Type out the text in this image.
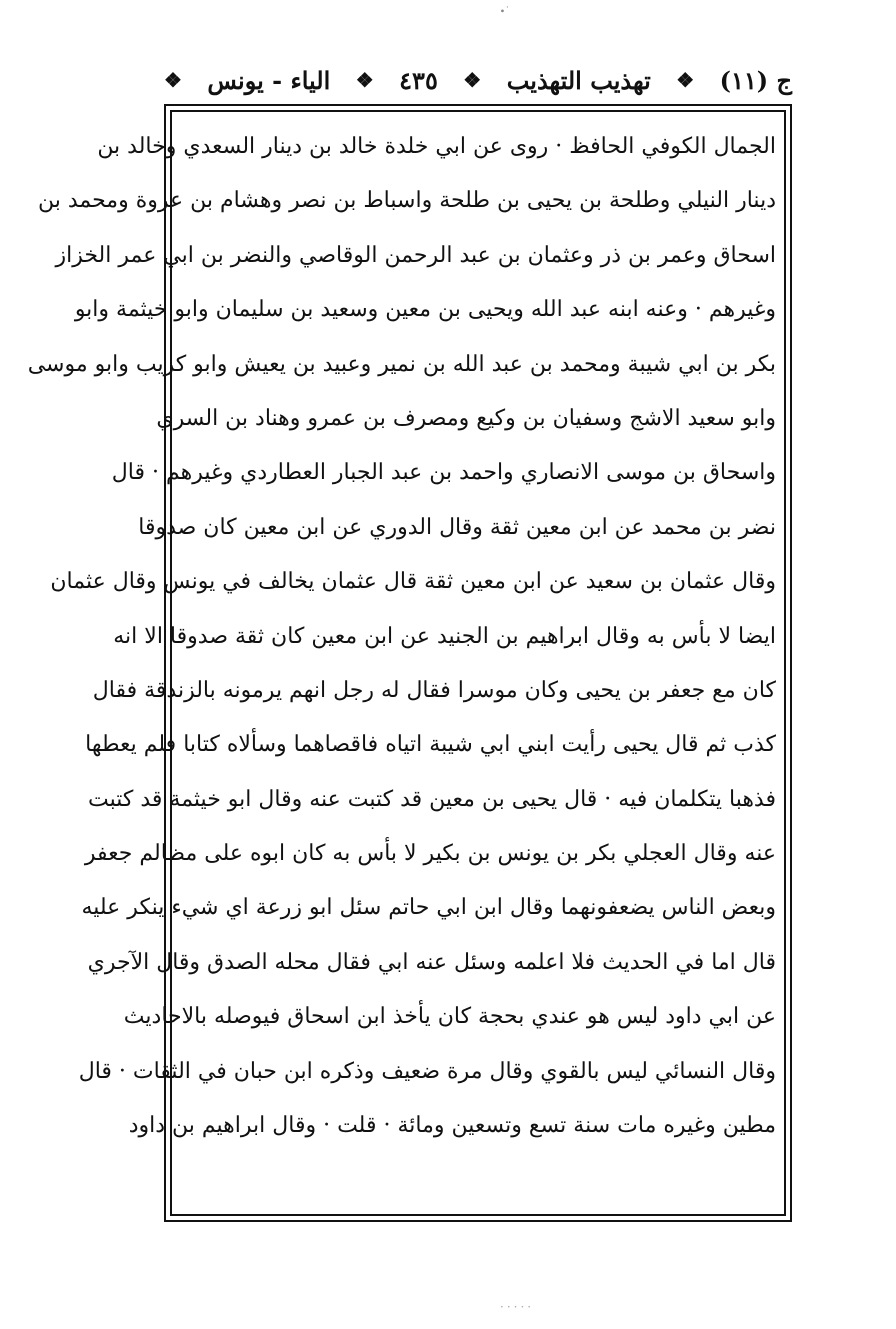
∙˙
ج (١١)
❖
تهذيب التهذيب
❖
٤٣٥
❖
الياء - يونس
❖
الجمال الكوفي الحافظ · روى عن ابي خلدة خالد بن دينار السعدي وخالد بن
دينار النيلي وطلحة بن يحيى بن طلحة واسباط بن نصر وهشام بن عروة ومحمد بن
اسحاق وعمر بن ذر وعثمان بن عبد الرحمن الوقاصي والنضر بن ابي عمر الخزاز
وغيرهم · وعنه ابنه عبد الله ويحيى بن معين وسعيد بن سليمان وابو خيثمة وابو
بكر بن ابي شيبة ومحمد بن عبد الله بن نمير وعبيد بن يعيش وابو كريب وابو موسى
وابو سعيد الاشج وسفيان بن وكيع ومصرف بن عمرو وهناد بن السري
واسحاق بن موسى الانصاري واحمد بن عبد الجبار العطاردي وغيرهم · قال
نضر بن محمد عن ابن معين ثقة وقال الدوري عن ابن معين كان صدوقا
وقال عثمان بن سعيد عن ابن معين ثقة قال عثمان يخالف في يونس وقال عثمان
ايضا لا بأس به وقال ابراهيم بن الجنيد عن ابن معين كان ثقة صدوقا الا انه
كان مع جعفر بن يحيى وكان موسرا فقال له رجل انهم يرمونه بالزندقة فقال
كذب ثم قال يحيى رأيت ابني ابي شيبة اتياه فاقصاهما وسألاه كتابا فلم يعطها
فذهبا يتكلمان فيه · قال يحيى بن معين قد كتبت عنه وقال ابو خيثمة قد كتبت
عنه وقال العجلي بكر بن يونس بن بكير لا بأس به كان ابوه على مظالم جعفر
وبعض الناس يضعفونهما وقال ابن ابي حاتم سئل ابو زرعة اي شيء ينكر عليه
قال اما في الحديث فلا اعلمه وسئل عنه ابي فقال محله الصدق وقال الآجري
عن ابي داود ليس هو عندي بحجة كان يأخذ ابن اسحاق فيوصله بالاحاديث
وقال النسائي ليس بالقوي وقال مرة ضعيف وذكره ابن حبان في الثقات · قال
مطين وغيره مات سنة تسع وتسعين ومائة · قلت · وقال ابراهيم بن داود
·····
